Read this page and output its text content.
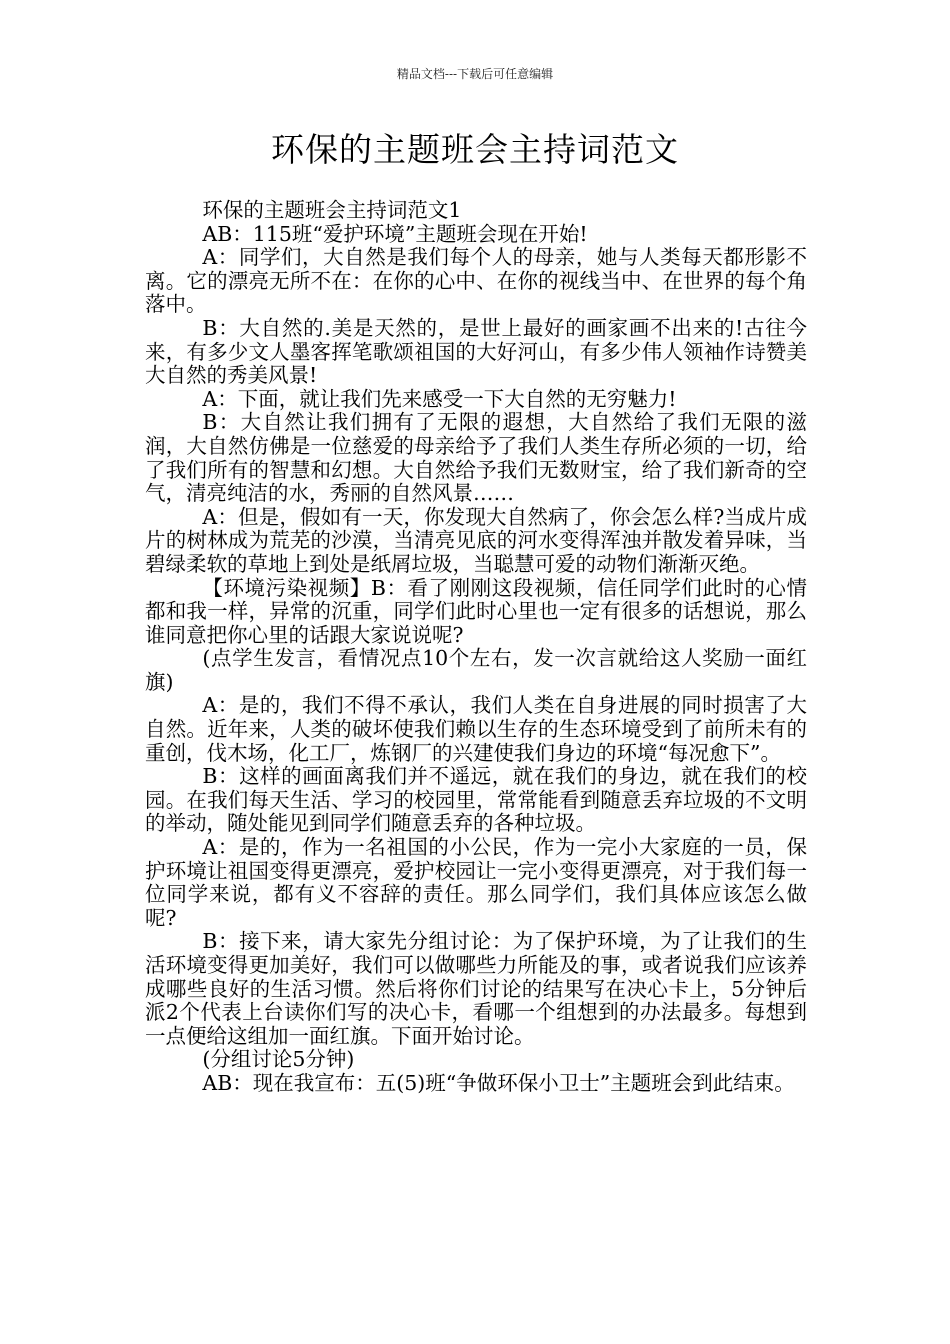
精品文档---下载后可任意编辑
环保的主题班会主持词范文

环保的主题班会主持词范文1

AB：115班“爱护环境”主题班会现在开始!

A：同学们，大自然是我们每个人的母亲，她与人类每天都形影不离。它的漂亮无所不在：在你的心中、在你的视线当中、在世界的每个角落中。

B：大自然的.美是天然的，是世上最好的画家画不出来的!古往今来，有多少文人墨客挥笔歌颂祖国的大好河山，有多少伟人领袖作诗赞美大自然的秀美风景!

A：下面，就让我们先来感受一下大自然的无穷魅力!

B：大自然让我们拥有了无限的遐想，大自然给了我们无限的滋润，大自然仿佛是一位慈爱的母亲给予了我们人类生存所必须的一切，给了我们所有的智慧和幻想。大自然给予我们无数财宝，给了我们新奇的空气，清亮纯洁的水，秀丽的自然风景……

A：但是，假如有一天，你发现大自然病了，你会怎么样?当成片成片的树林成为荒芜的沙漠，当清亮见底的河水变得浑浊并散发着异味，当碧绿柔软的草地上到处是纸屑垃圾，当聪慧可爱的动物们渐渐灭绝。

【环境污染视频】B：看了刚刚这段视频，信任同学们此时的心情都和我一样，异常的沉重，同学们此时心里也一定有很多的话想说，那么谁同意把你心里的话跟大家说说呢?

(点学生发言，看情况点10个左右，发一次言就给这人奖励一面红旗)

A：是的，我们不得不承认，我们人类在自身进展的同时损害了大自然。近年来，人类的破坏使我们赖以生存的生态环境受到了前所未有的重创，伐木场，化工厂，炼钢厂的兴建使我们身边的环境“每况愈下”。

B：这样的画面离我们并不遥远，就在我们的身边，就在我们的校园。在我们每天生活、学习的校园里，常常能看到随意丢弃垃圾的不文明的举动，随处能见到同学们随意丢弃的各种垃圾。

A：是的，作为一名祖国的小公民，作为一完小大家庭的一员，保护环境让祖国变得更漂亮，爱护校园让一完小变得更漂亮，对于我们每一位同学来说，都有义不容辞的责任。那么同学们，我们具体应该怎么做呢?

B：接下来，请大家先分组讨论：为了保护环境，为了让我们的生活环境变得更加美好，我们可以做哪些力所能及的事，或者说我们应该养成哪些良好的生活习惯。然后将你们讨论的结果写在决心卡上，5分钟后派2个代表上台读你们写的决心卡，看哪一个组想到的办法最多。每想到一点便给这组加一面红旗。下面开始讨论。

(分组讨论5分钟)

AB：现在我宣布：五(5)班“争做环保小卫士”主题班会到此结束。
